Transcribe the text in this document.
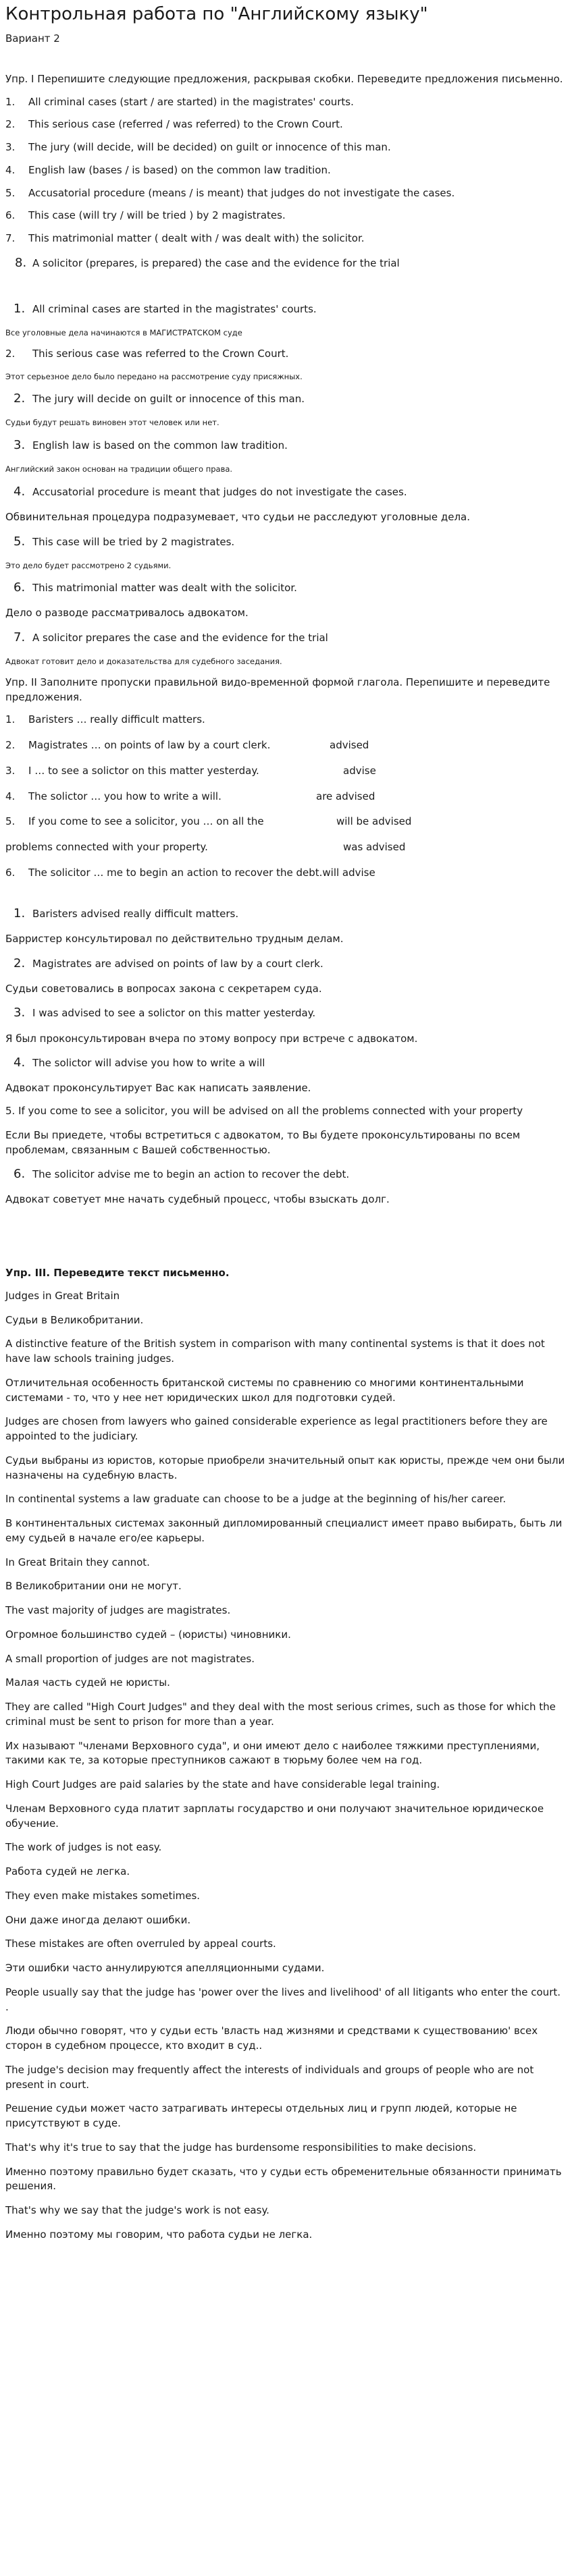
Контрольная работа по "Английскому языку"
Вариант 2
Упр. I Перепишите следующие предложения, раскрывая скобки. Переведите предложения письменно.
1. All criminal cases (start / are started) in the magistrates' courts.
2. This serious case (referred / was referred) to the Crown Court.
3. The jury (will decide, will be decided) on guilt or innocence of this man.
4. English law (bases / is based) on the common law tradition.
5. Accusatorial procedure (means / is meant) that judges do not investigate the cases.
6. This case (will try / will be tried ) by 2 magistrates.
7. This matrimonial matter ( dealt with / was dealt with) the solicitor.
8. A solicitor (prepares, is prepared) the case and the evidence for the trial
1. All criminal cases are started in the magistrates' courts.
Все уголовные дела начинаются в МАГИСТРАТСКОМ суде
2. This serious case was referred to the Crown Court.
Этот серьезное дело было передано на рассмотрение суду присяжных.
2. The jury will decide on guilt or innocence of this man.
Судьи будут решать виновен этот человек или нет.
3. English law is based on the common law tradition.
Английский закон основан на традиции общего права.
4. Accusatorial procedure is meant that judges do not investigate the cases.
Обвинительная процедура подразумевает, что судьи не расследуют уголовные дела.
5. This case will be tried by 2 magistrates.
Это дело будет рассмотрено 2 судьями.
6. This matrimonial matter was dealt with the solicitor.
Дело о разводе рассматривалось адвокатом.
7. A solicitor prepares the case and the evidence for the trial
Адвокат готовит дело и доказательства для судебного заседания.
Упр. II Заполните пропуски правильной видо-временной формой глагола. Перепишите и переведите предложения.
1. Baristers … really difficult matters.
2. Magistrates … on points of law by a court clerk.	advised
3. I … to see a solictor on this matter yesterday.	advise
4. The solictor … you how to write a will.	are advised
5. If you come to see a solicitor, you … on all the	will be advised
problems connected with your property.	was advised
6. The solicitor … me to begin an action to recover the debt.will advise
1. Baristers advised really difficult matters.
Барристер консультировал по действительно трудным делам.
2. Magistrates are advised on points of law by a court clerk.
Судьи советовались в вопросах закона с секретарем суда.
3. I was advised to see a solictor on this matter yesterday.
Я был проконсультирован вчера по этому вопросу при встрече с адвокатом.
4. The solictor will advise you how to write a will
Адвокат проконсультирует Вас как написать заявление.
5. If you come to see a solicitor, you will be advised on all the problems connected with your property
Если Вы приедете, чтобы встретиться с адвокатом, то Вы будете проконсультированы по всем проблемам, связанным с Вашей собственностью.
6. The solicitor advise me to begin an action to recover the debt.
Адвокат советует мне начать судебный процесс, чтобы взыскать долг.
Упр. III. Переведите текст письменно.
Judges in Great Britain
Судьи в Великобритании.
A distinctive feature of the British system in comparison with many continental systems is that it does not have law schools training judges.
Отличительная особенность британской системы по сравнению со многими континентальными системами - то, что у нее нет юридических школ для подготовки судей.
Judges are chosen from lawyers who gained considerable experience as legal practitioners before they are appointed to the judiciary.
Судьи выбраны из юристов, которые приобрели значительный опыт как юристы, прежде чем они были назначены на судебную власть.
In continental systems a law graduate can choose to be a judge at the beginning of his/her career.
В континентальных системах законный дипломированный специалист имеет право выбирать, быть ли ему судьей в начале его/ее карьеры.
In Great Britain they cannot.
В Великобритании они не могут.
The vast majority of judges are magistrates.
Огромное большинство судей – (юристы) чиновники.
A small proportion of judges are not magistrates.
Малая часть судей не юристы.
They are called "High Court Judges" and they deal with the most serious crimes, such as those for which the criminal must be sent to prison for more than a year.
Их называют "членами Верховного суда", и они имеют дело с наиболее тяжкими преступлениями, такими как те, за которые преступников сажают в тюрьму более чем на год.
High Court Judges are paid salaries by the state and have considerable legal training.
Членам Верховного суда платит зарплаты государство и они получают значительное юридическое обучение.
The work of judges is not easy.
Работа судей не легка.
They even make mistakes sometimes.
Они даже иногда делают ошибки.
These mistakes are often overruled by appeal courts.
Эти ошибки часто аннулируются апелляционными судами.
People usually say that the judge has 'power over the lives and livelihood' of all litigants who enter the court. .
Люди обычно говорят, что у судьи есть 'власть над жизнями и средствами к существованию' всех сторон в судебном процессе, кто входит в суд..
The judge's decision may frequently affect the interests of individuals and groups of people who are not present in court.
Решение судьи может часто затрагивать интересы отдельных лиц и групп людей, которые не присутствуют в суде.
That's why it's true to say that the judge has burdensome responsibilities to make decisions.
Именно поэтому правильно будет сказать, что у судьи есть обременительные обязанности принимать решения.
That's why we say that the judge's work is not easy.
Именно поэтому мы говорим, что работа судьи не легка.
